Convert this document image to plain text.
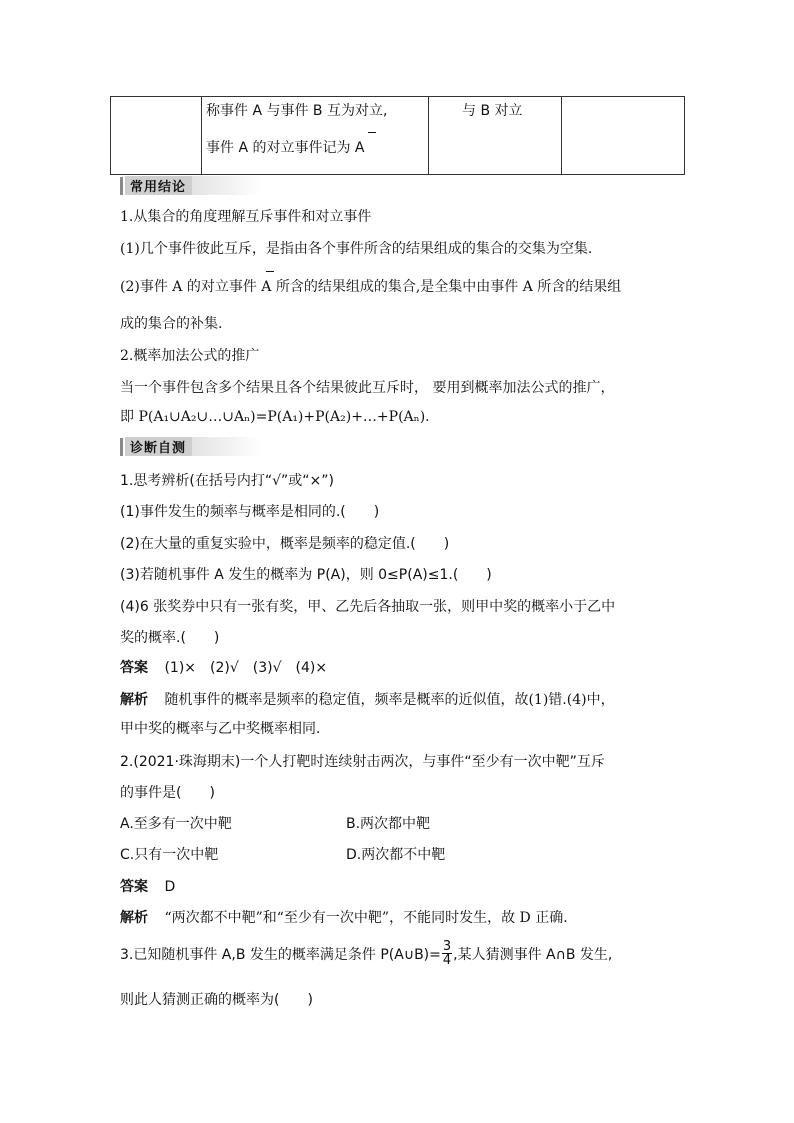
称事件 A 与事件 B 互为对立,
事件 A 的对立事件记为 A
与 B 对立
常用结论
1.从集合的角度理解互斥事件和对立事件
(1)几个事件彼此互斥，是指由各个事件所含的结果组成的集合的交集为空集.
(2)事件 A 的对立事件 A 所含的结果组成的集合,是全集中由事件 A 所含的结果组
成的集合的补集.
2.概率加法公式的推广
当一个事件包含多个结果且各个结果彼此互斥时， 要用到概率加法公式的推广，
即 P(A₁∪A₂∪…∪Aₙ)=P(A₁)+P(A₂)+…+P(Aₙ).
诊断自测
1.思考辨析(在括号内打“√”或“×”)
(1)事件发生的频率与概率是相同的.(　　)
(2)在大量的重复实验中，概率是频率的稳定值.(　　)
(3)若随机事件 A 发生的概率为 P(A)，则 0≤P(A)≤1.(　　)
(4)6 张奖券中只有一张有奖，甲、乙先后各抽取一张，则甲中奖的概率小于乙中
奖的概率.(　　)
答案 (1)×　(2)√　(3)√　(4)×
解析 随机事件的概率是频率的稳定值，频率是概率的近似值，故(1)错.(4)中，
甲中奖的概率与乙中奖概率相同.
2.(2021·珠海期末)一个人打靶时连续射击两次，与事件“至少有一次中靶”互斥
的事件是(　　)
A.至多有一次中靶	B.两次都中靶
C.只有一次中靶	D.两次都不中靶
答案 D
解析 “两次都不中靶”和“至少有一次中靶”，不能同时发生，故 D 正确.
3.已知随机事件 A,B 发生的概率满足条件 P(A∪B)= $\frac{3}{4}$ ,某人猜测事件 A∩B 发生,
则此人猜测正确的概率为(　　)
